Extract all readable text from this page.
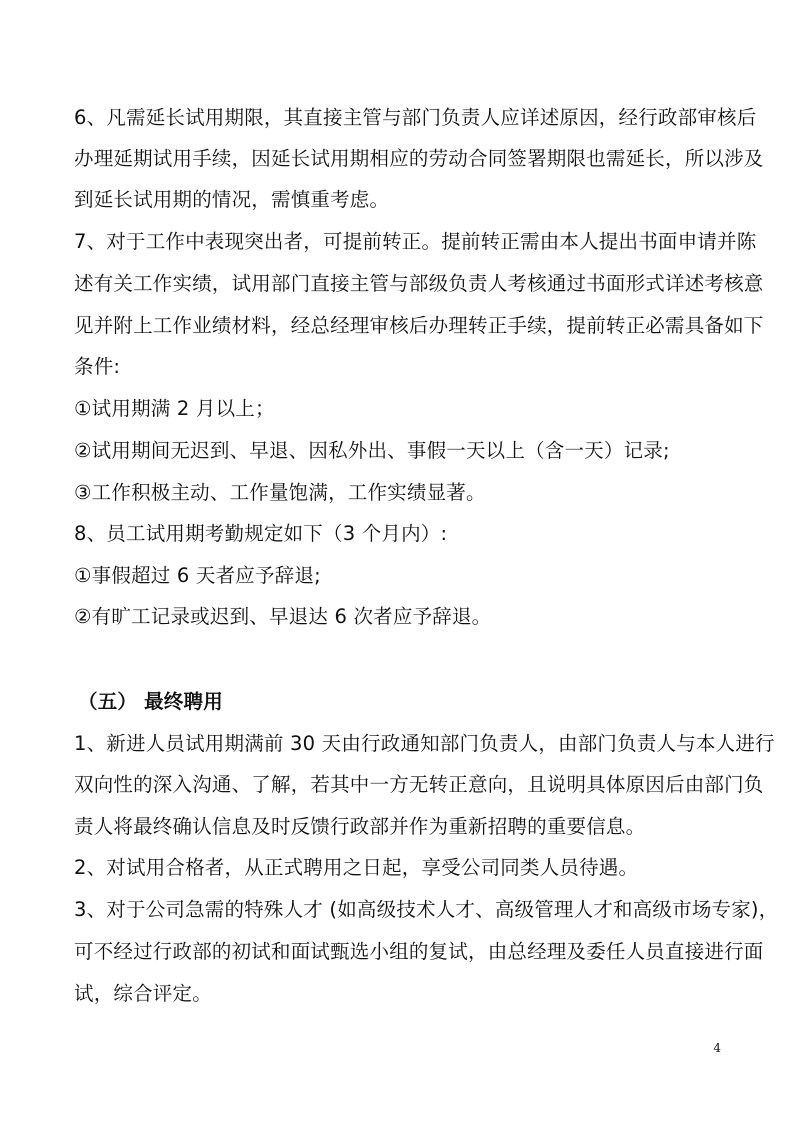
6、凡需延长试用期限，其直接主管与部门负责人应详述原因，经行政部审核后
办理延期试用手续，因延长试用期相应的劳动合同签署期限也需延长，所以涉及
到延长试用期的情况，需慎重考虑。
7、对于工作中表现突出者，可提前转正。提前转正需由本人提出书面申请并陈
述有关工作实绩，试用部门直接主管与部级负责人考核通过书面形式详述考核意
见并附上工作业绩材料，经总经理审核后办理转正手续，提前转正必需具备如下
条件:
①试用期满 2 月以上；
②试用期间无迟到、早退、因私外出、事假一天以上（含一天）记录;
③工作积极主动、工作量饱满，工作实绩显著。
8、员工试用期考勤规定如下（3 个月内）:
①事假超过 6 天者应予辞退;
②有旷工记录或迟到、早退达 6 次者应予辞退。
（五） 最终聘用
1、新进人员试用期满前 30 天由行政通知部门负责人，由部门负责人与本人进行
双向性的深入沟通、了解，若其中一方无转正意向，且说明具体原因后由部门负
责人将最终确认信息及时反馈行政部并作为重新招聘的重要信息。
2、对试用合格者，从正式聘用之日起，享受公司同类人员待遇。
3、对于公司急需的特殊人才 (如高级技术人才、高级管理人才和高级市场专家)，
可不经过行政部的初试和面试甄选小组的复试，由总经理及委任人员直接进行面
试，综合评定。
4
